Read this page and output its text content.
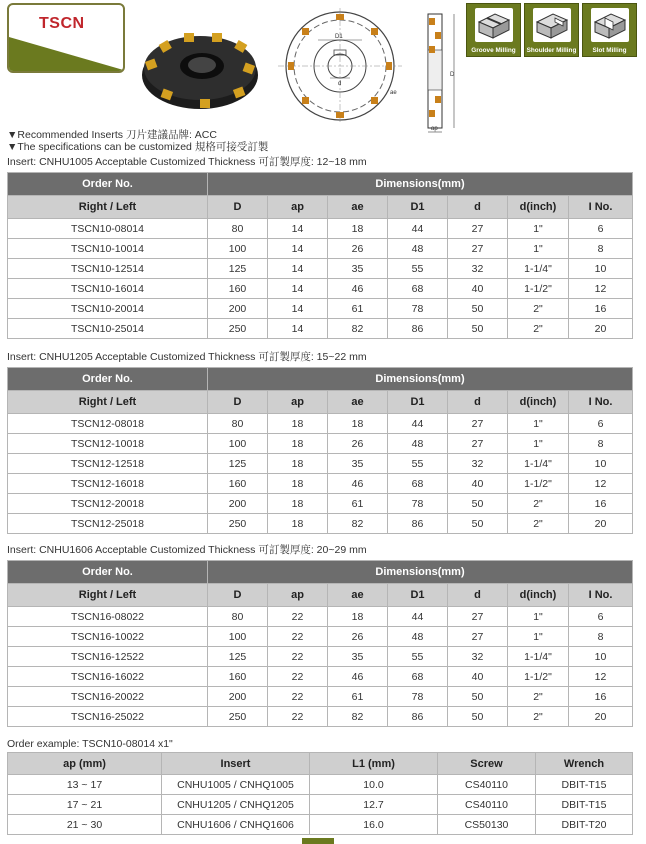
TSCN
D1
d
ae
D
ap
Groove Milling	Shoulder Milling	Slot Milling
▼Recommended Inserts 刀片建議品牌: ACC
▼The specifications can be customized 規格可接受訂製
Insert: CNHU1005 Acceptable Customized Thickness 可訂製厚度: 12~18 mm
Order No.	Dimensions(mm)						
Right / Left	D	ap	ae	D1	d	d(inch)	I No.
TSCN10-08014	80	14	18	44	27	1"	6
TSCN10-10014	100	14	26	48	27	1"	8
TSCN10-12514	125	14	35	55	32	1-1/4"	10
TSCN10-16014	160	14	46	68	40	1-1/2"	12
TSCN10-20014	200	14	61	78	50	2"	16
TSCN10-25014	250	14	82	86	50	2"	20
Insert: CNHU1205 Acceptable Customized Thickness 可訂製厚度: 15~22 mm
Order No.	Dimensions(mm)						
Right / Left	D	ap	ae	D1	d	d(inch)	I No.
TSCN12-08018	80	18	18	44	27	1"	6
TSCN12-10018	100	18	26	48	27	1"	8
TSCN12-12518	125	18	35	55	32	1-1/4"	10
TSCN12-16018	160	18	46	68	40	1-1/2"	12
TSCN12-20018	200	18	61	78	50	2"	16
TSCN12-25018	250	18	82	86	50	2"	20
Insert: CNHU1606 Acceptable Customized Thickness 可訂製厚度: 20~29 mm
Order No.	Dimensions(mm)						
Right / Left	D	ap	ae	D1	d	d(inch)	I No.
TSCN16-08022	80	22	18	44	27	1"	6
TSCN16-10022	100	22	26	48	27	1"	8
TSCN16-12522	125	22	35	55	32	1-1/4"	10
TSCN16-16022	160	22	46	68	40	1-1/2"	12
TSCN16-20022	200	22	61	78	50	2"	16
TSCN16-25022	250	22	82	86	50	2"	20
Order example: TSCN10-08014 x1"
ap (mm)	Insert	L1 (mm)	Screw	Wrench
13 ~ 17	CNHU1005 / CNHQ1005	10.0	CS40110	DBIT-T15
17 ~ 21	CNHU1205 / CNHQ1205	12.7	CS40110	DBIT-T15
21 ~ 30	CNHU1606 / CNHQ1606	16.0	CS50130	DBIT-T20
